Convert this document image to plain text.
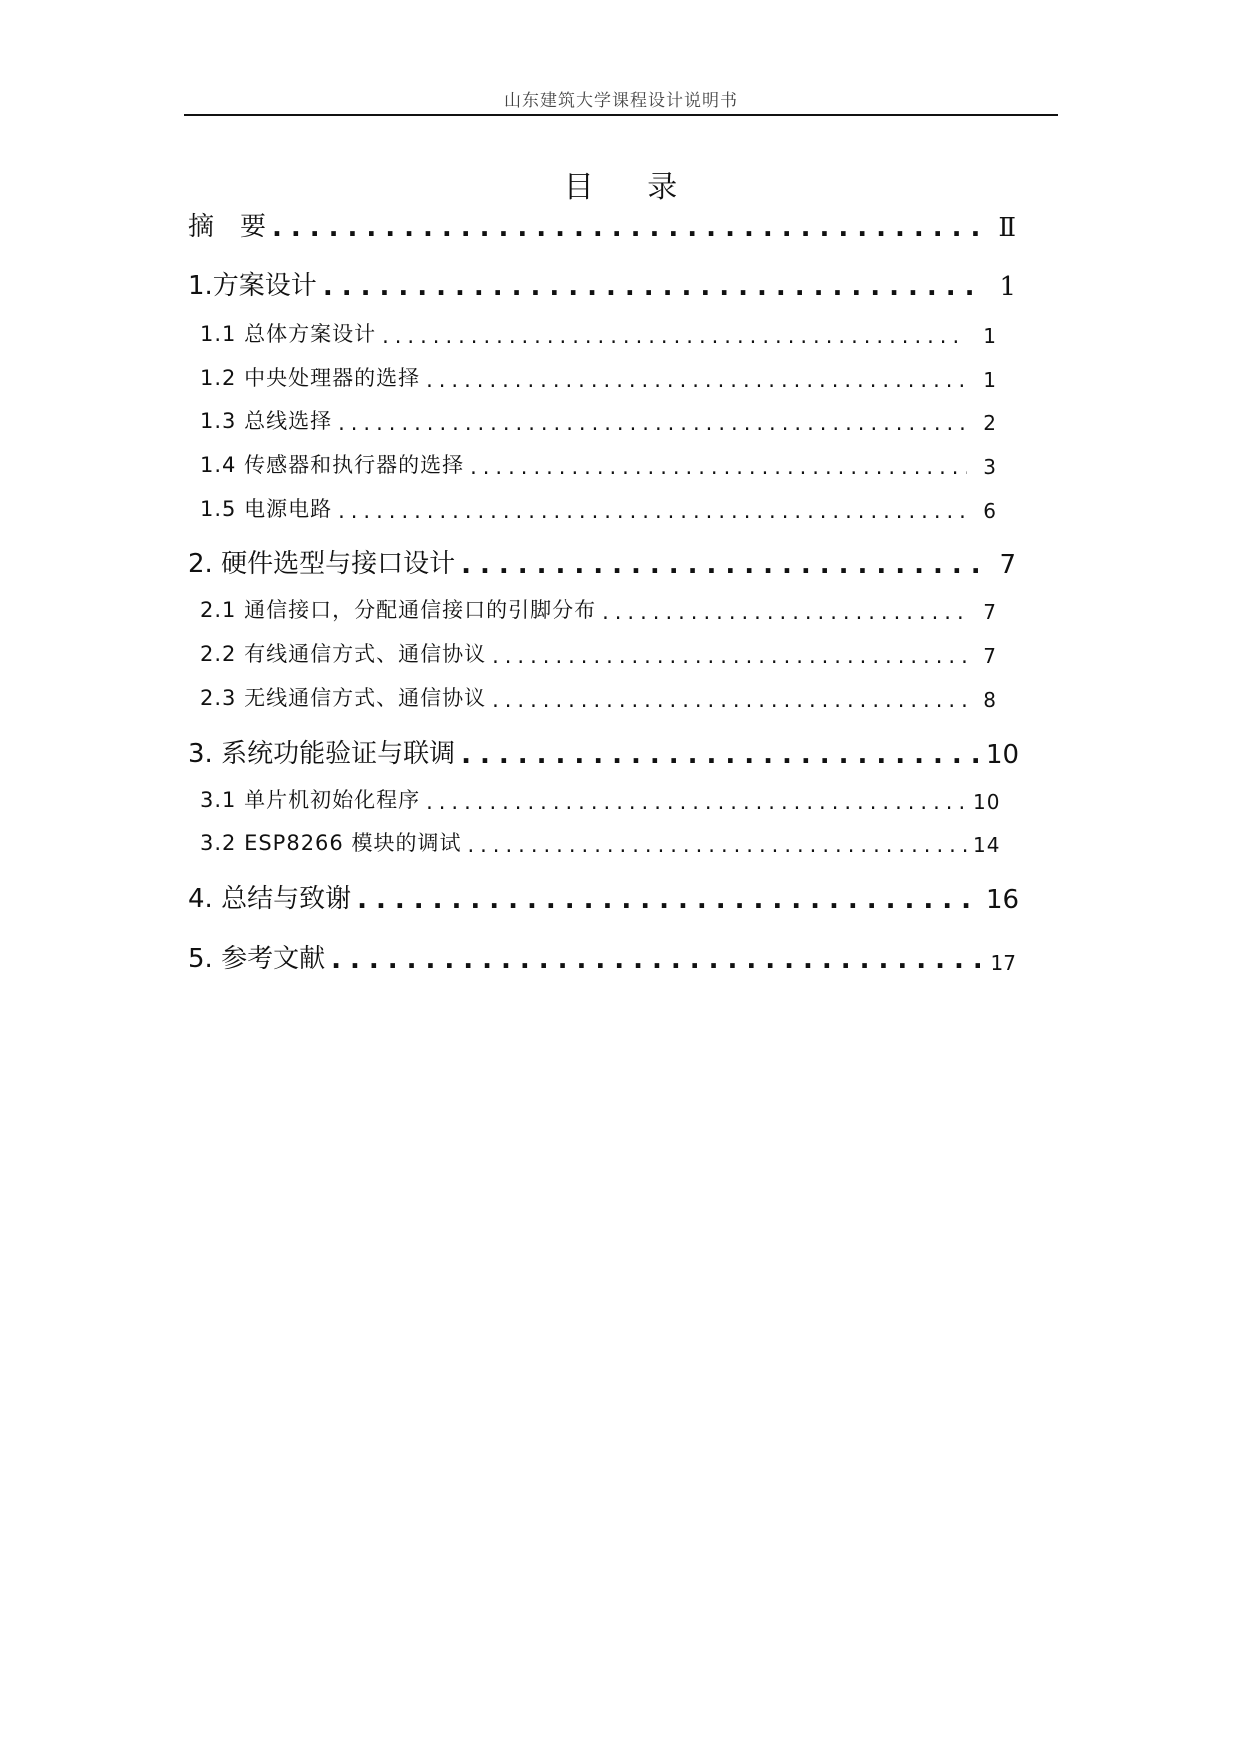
山东建筑大学课程设计说明书
目 录
摘　要 .....	Ⅱ
1.方案设计 .....	1
1.1 总体方案设计 .....	1
1.2 中央处理器的选择 .....	1
1.3 总线选择 .....	2
1.4 传感器和执行器的选择 .....	3
1.5 电源电路 .....	6
2. 硬件选型与接口设计 .....	7
2.1 通信接口，分配通信接口的引脚分布 .....	7
2.2 有线通信方式、通信协议 .....	7
2.3 无线通信方式、通信协议 .....	8
3. 系统功能验证与联调 .....	10
3.1 单片机初始化程序 .....	10
3.2 ESP8266 模块的调试 .....	14
4. 总结与致谢 .....	16
5. 参考文献 .....	17
